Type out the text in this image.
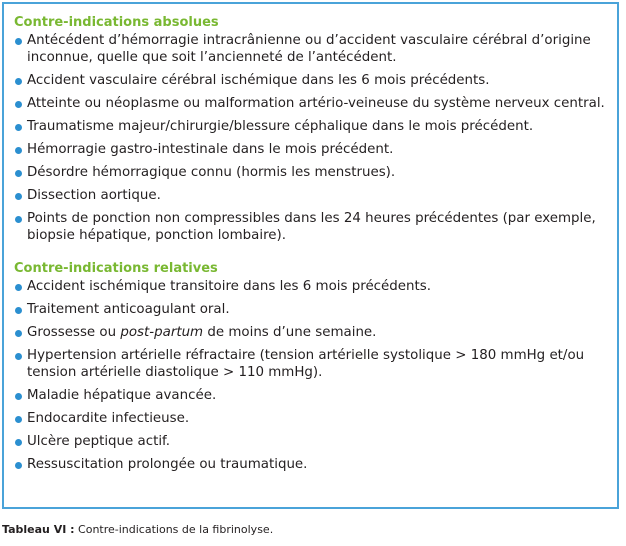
Contre-indications absolues

Antécédent d’hémorragie intracrânienne ou d’accident vasculaire cérébral d’origine inconnue, quelle que soit l’ancienneté de l’antécédent.
Accident vasculaire cérébral ischémique dans les 6 mois précédents.
Atteinte ou néoplasme ou malformation artério-veineuse du système nerveux central.
Traumatisme majeur/chirurgie/blessure céphalique dans le mois précédent.
Hémorragie gastro-intestinale dans le mois précédent.
Désordre hémorragique connu (hormis les menstrues).
Dissection aortique.
Points de ponction non compressibles dans les 24 heures précédentes (par exemple, biopsie hépatique, ponction lombaire).

Contre-indications relatives

Accident ischémique transitoire dans les 6 mois précédents.
Traitement anticoagulant oral.
Grossesse ou post-partum de moins d’une semaine.
Hypertension artérielle réfractaire (tension artérielle systolique > 180 mmHg et/ou tension artérielle diastolique > 110 mmHg).
Maladie hépatique avancée.
Endocardite infectieuse.
Ulcère peptique actif.
Ressuscitation prolongée ou traumatique.
Tableau VI : Contre-indications de la fibrinolyse.
